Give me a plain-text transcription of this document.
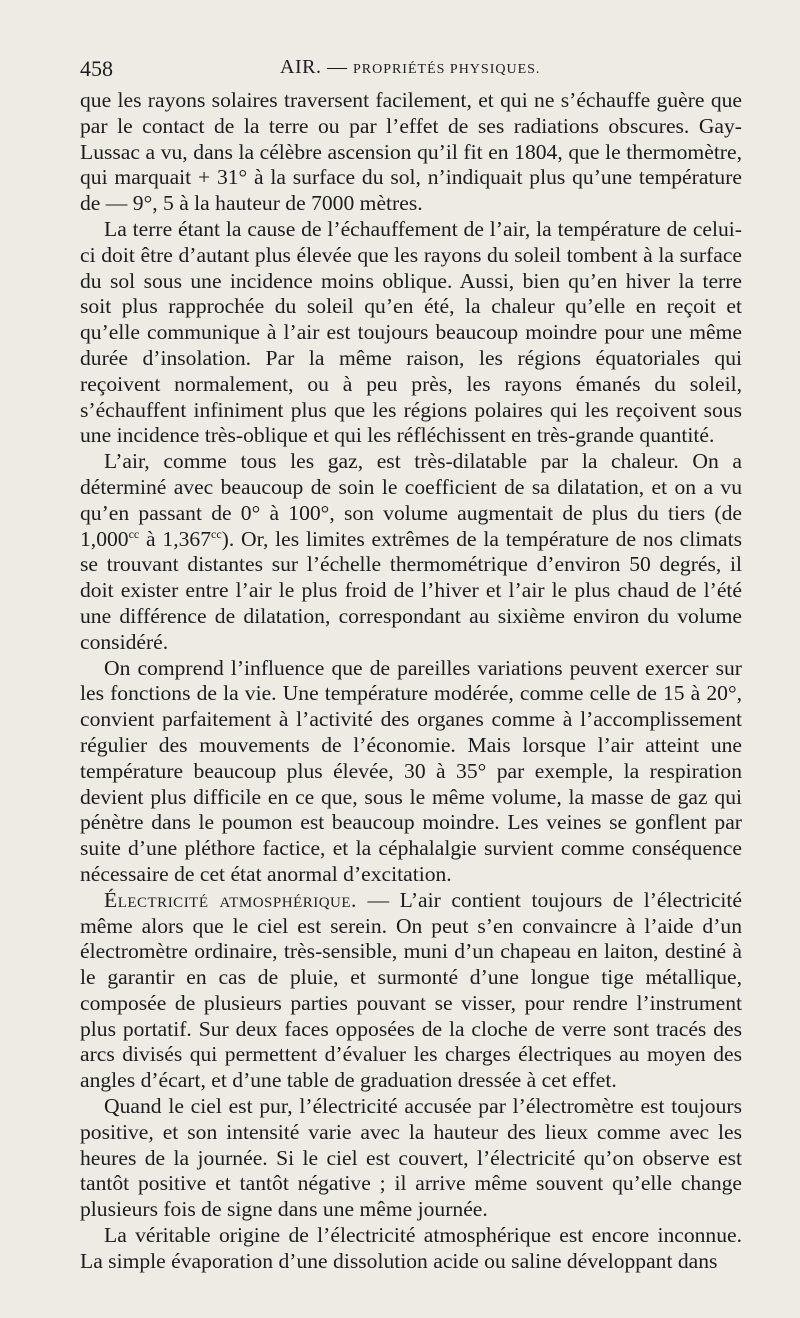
458	AIR. — PROPRIÉTÉS PHYSIQUES.

que les rayons solaires traversent facilement, et qui ne s’échauffe guère que par le contact de la terre ou par l’effet de ses radiations obscures. Gay-Lussac a vu, dans la célèbre ascension qu’il fit en 1804, que le thermomètre, qui marquait + 31° à la surface du sol, n’indiquait plus qu’une température de — 9°, 5 à la hauteur de 7000 mètres.

La terre étant la cause de l’échauffement de l’air, la température de celui-ci doit être d’autant plus élevée que les rayons du soleil tombent à la surface du sol sous une incidence moins oblique. Aussi, bien qu’en hiver la terre soit plus rapprochée du soleil qu’en été, la chaleur qu’elle en reçoit et qu’elle communique à l’air est toujours beaucoup moindre pour une même durée d’insolation. Par la même raison, les régions équatoriales qui reçoivent normalement, ou à peu près, les rayons émanés du soleil, s’échauffent infiniment plus que les régions polaires qui les reçoivent sous une incidence très-oblique et qui les réfléchissent en très-grande quantité.

L’air, comme tous les gaz, est très-dilatable par la chaleur. On a déterminé avec beaucoup de soin le coefficient de sa dilatation, et on a vu qu’en passant de 0° à 100°, son volume augmentait de plus du tiers (de 1,000$^{cc}$ à 1,367$^{cc}$). Or, les limites extrêmes de la température de nos climats se trouvant distantes sur l’échelle thermométrique d’environ 50 degrés, il doit exister entre l’air le plus froid de l’hiver et l’air le plus chaud de l’été une différence de dilatation, correspondant au sixième environ du volume considéré.

On comprend l’influence que de pareilles variations peuvent exercer sur les fonctions de la vie. Une température modérée, comme celle de 15 à 20°, convient parfaitement à l’activité des organes comme à l’accomplissement régulier des mouvements de l’économie. Mais lorsque l’air atteint une température beaucoup plus élevée, 30 à 35° par exemple, la respiration devient plus difficile en ce que, sous le même volume, la masse de gaz qui pénètre dans le poumon est beaucoup moindre. Les veines se gonflent par suite d’une pléthore factice, et la céphalalgie survient comme conséquence nécessaire de cet état anormal d’excitation.

Électricité atmosphérique. — L’air contient toujours de l’électricité même alors que le ciel est serein. On peut s’en convaincre à l’aide d’un électromètre ordinaire, très-sensible, muni d’un chapeau en laiton, destiné à le garantir en cas de pluie, et surmonté d’une longue tige métallique, composée de plusieurs parties pouvant se visser, pour rendre l’instrument plus portatif. Sur deux faces opposées de la cloche de verre sont tracés des arcs divisés qui permettent d’évaluer les charges électriques au moyen des angles d’écart, et d’une table de graduation dressée à cet effet.

Quand le ciel est pur, l’électricité accusée par l’électromètre est toujours positive, et son intensité varie avec la hauteur des lieux comme avec les heures de la journée. Si le ciel est couvert, l’électricité qu’on observe est tantôt positive et tantôt négative ; il arrive même souvent qu’elle change plusieurs fois de signe dans une même journée.

La véritable origine de l’électricité atmosphérique est encore inconnue. La simple évaporation d’une dissolution acide ou saline développant dans
